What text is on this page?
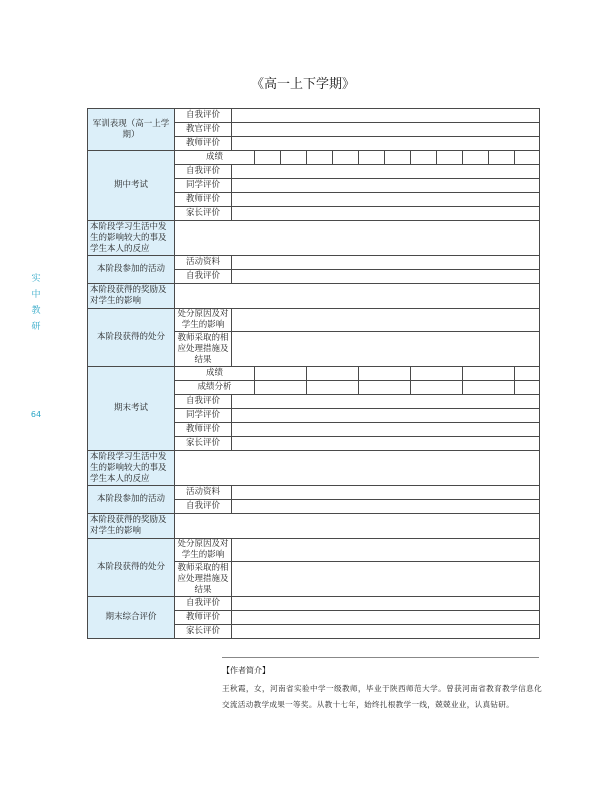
《高一上下学期》
实中教研
64
军训表现（高一上学期）	自我评价													
	教官评价													
	教师评价													
期中考试	成绩													
	自我评价													
	同学评价													
	教师评价													
	家长评价													
本阶段学习生活中发生的影响较大的事及学生本人的反应														
本阶段参加的活动	活动资料													
	自我评价													
本阶段获得的奖励及对学生的影响														
本阶段获得的处分	处分原因及对学生的影响													
	教师采取的相应处理措施及结果													
期末考试	成绩													
	成绩分析													
	自我评价													
	同学评价													
	教师评价													
	家长评价													
本阶段学习生活中发生的影响较大的事及学生本人的反应														
本阶段参加的活动	活动资料													
	自我评价													
本阶段获得的奖励及对学生的影响														
本阶段获得的处分	处分原因及对学生的影响													
	教师采取的相应处理措施及结果													
期末综合评价	自我评价													
	教师评价													
	家长评价													
【作者简介】
王秋霞，女，河南省实验中学一级教师，毕业于陕西师范大学。曾获河南省教育教学信息化交流活动教学成果一等奖。从教十七年，始终扎根教学一线，兢兢业业，认真钻研。
